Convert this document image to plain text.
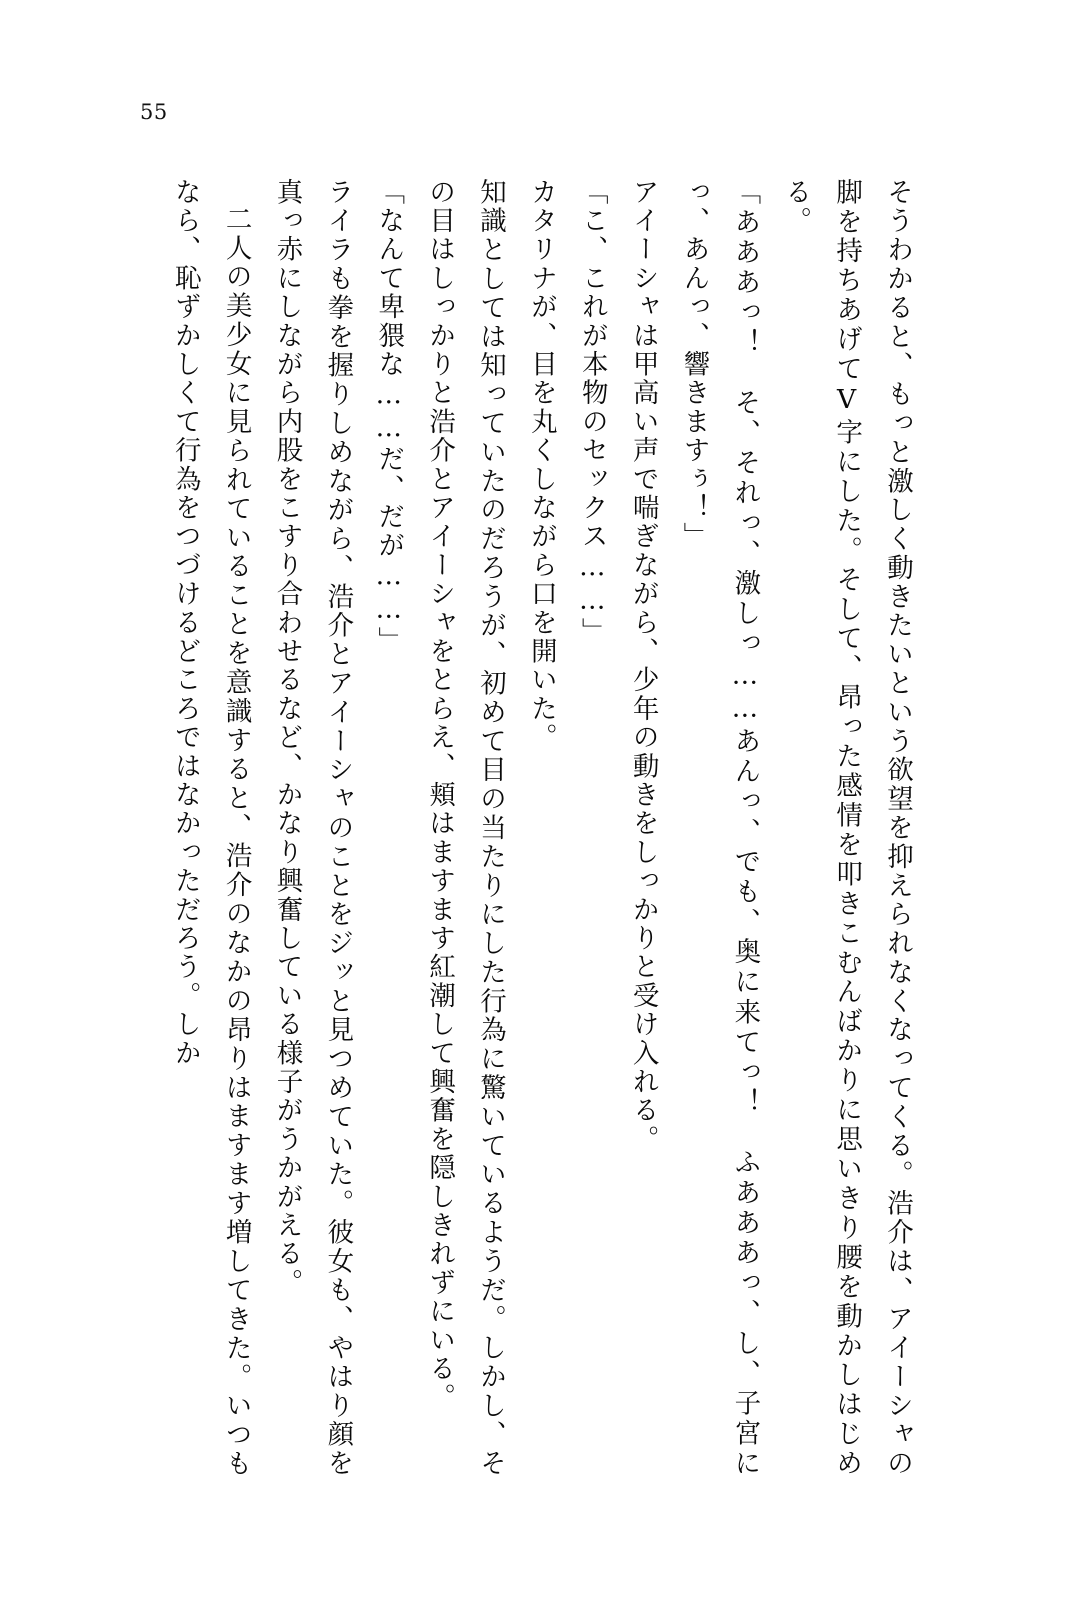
55

そうわかると、もっと激しく動きたいという欲望を抑えられなくなってくる。浩介は、アイーシャの脚を持ちあげてV字にした。そして、昂った感情を叩きこむんばかりに思いきり腰を動かしはじめる。

「あああっ！　そ、それっ、激しっ……あんっ、でも、奥に来てっ！　ふあああっ、し、子宮にっ、あんっ、響きますぅ！」

アイーシャは甲高い声で喘ぎながら、少年の動きをしっかりと受け入れる。

「こ、これが本物のセックス……」

カタリナが、目を丸くしながら口を開いた。

知識としては知っていたのだろうが、初めて目の当たりにした行為に驚いているようだ。しかし、その目はしっかりと浩介とアイーシャをとらえ、頬はますます紅潮して興奮を隠しきれずにいる。

「なんて卑猥な……だ、だが……」

ライラも拳を握りしめながら、浩介とアイーシャのことをジッと見つめていた。彼女も、やはり顔を真っ赤にしながら内股をこすり合わせるなど、かなり興奮している様子がうかがえる。

二人の美少女に見られていることを意識すると、浩介のなかの昂りはますます増してきた。いつもなら、恥ずかしくて行為をつづけるどころではなかっただろう。しか
